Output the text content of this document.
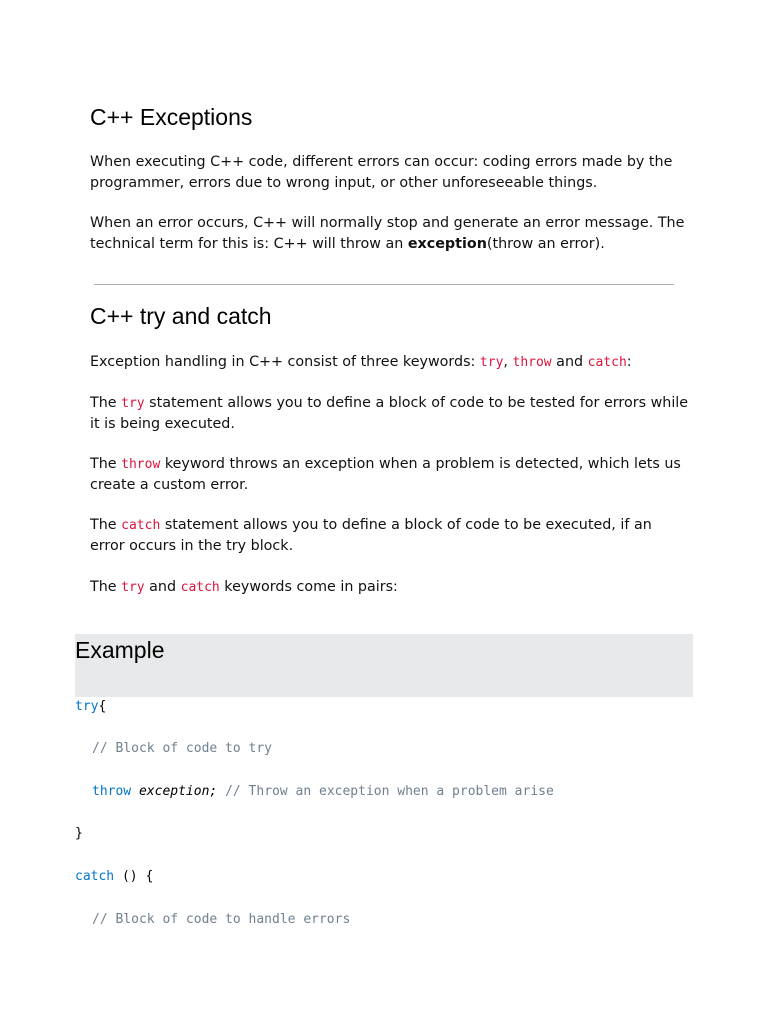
C++ Exceptions

When executing C++ code, different errors can occur: coding errors made by the programmer, errors due to wrong input, or other unforeseeable things.

When an error occurs, C++ will normally stop and generate an error message. The technical term for this is: C++ will throw an exception(throw an error).

C++ try and catch

Exception handling in C++ consist of three keywords: try, throw and catch:

The try statement allows you to define a block of code to be tested for errors while it is being executed.

The throw keyword throws an exception when a problem is detected, which lets us create a custom error.

The catch statement allows you to define a block of code to be executed, if an error occurs in the try block.

The try and catch keywords come in pairs:

Example
try{
// Block of code to try
throw exception; // Throw an exception when a problem arise
}
catch () {
// Block of code to handle errors
